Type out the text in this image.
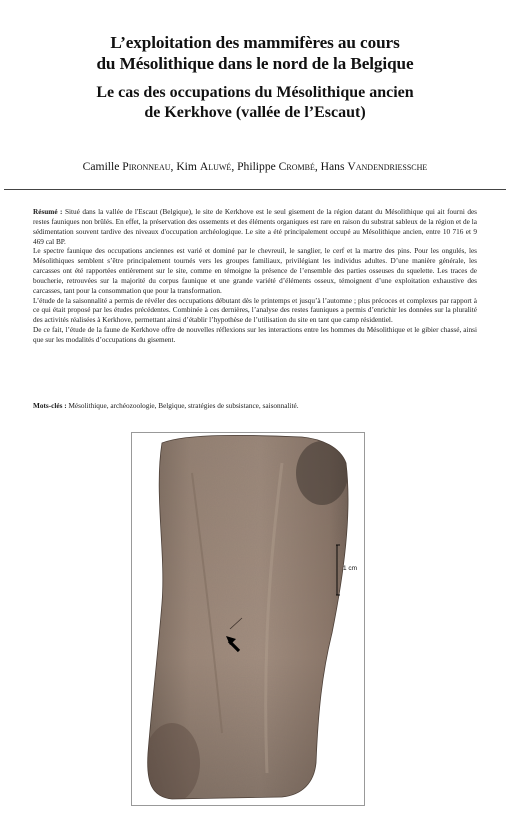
L’exploitation des mammifères au cours
du Mésolithique dans le nord de la Belgique
Le cas des occupations du Mésolithique ancien
de Kerkhove (vallée de l’Escaut)
Camille Pironneau, Kim Aluwé, Philippe Crombé, Hans Vandendriessche

Résumé : Situé dans la vallée de l'Escaut (Belgique), le site de Kerkhove est le seul gisement de la région datant du Mésolithique qui ait fourni des restes fauniques non brûlés. En effet, la préservation des ossements et des éléments organiques est rare en raison du substrat sableux de la région et de la sédimentation souvent tardive des niveaux d'occupation archéologique. Le site a été principalement occupé au Mésolithique ancien, entre 10 716 et 9 469 cal BP.

Le spectre faunique des occupations anciennes est varié et dominé par le chevreuil, le sanglier, le cerf et la martre des pins. Pour les ongulés, les Mésolithiques semblent s’être principalement tournés vers les groupes familiaux, privilégiant les individus adultes. D’une manière générale, les carcasses ont été rapportées entièrement sur le site, comme en témoigne la présence de l’ensemble des parties osseuses du squelette. Les traces de boucherie, retrouvées sur la majorité du corpus faunique et une grande variété d’éléments osseux, témoignent d’une exploitation exhaustive des carcasses, tant pour la consommation que pour la transformation.

L’étude de la saisonnalité a permis de révéler des occupations débutant dès le printemps et jusqu’à l’automne ; plus précoces et complexes par rapport à ce qui était proposé par les études précédentes. Combinée à ces dernières, l’analyse des restes fauniques a permis d’enrichir les données sur la pluralité des activités réalisées à Kerkhove, permettant ainsi d’établir l’hypothèse de l’utilisation du site en tant que camp résidentiel.

De ce fait, l’étude de la faune de Kerkhove offre de nouvelles réflexions sur les interactions entre les hommes du Mésolithique et le gibier chassé, ainsi que sur les modalités d’occupations du gisement.

Mots-clés : Mésolithique, archéozoologie, Belgique, stratégies de subsistance, saisonnalité.
1 cm
